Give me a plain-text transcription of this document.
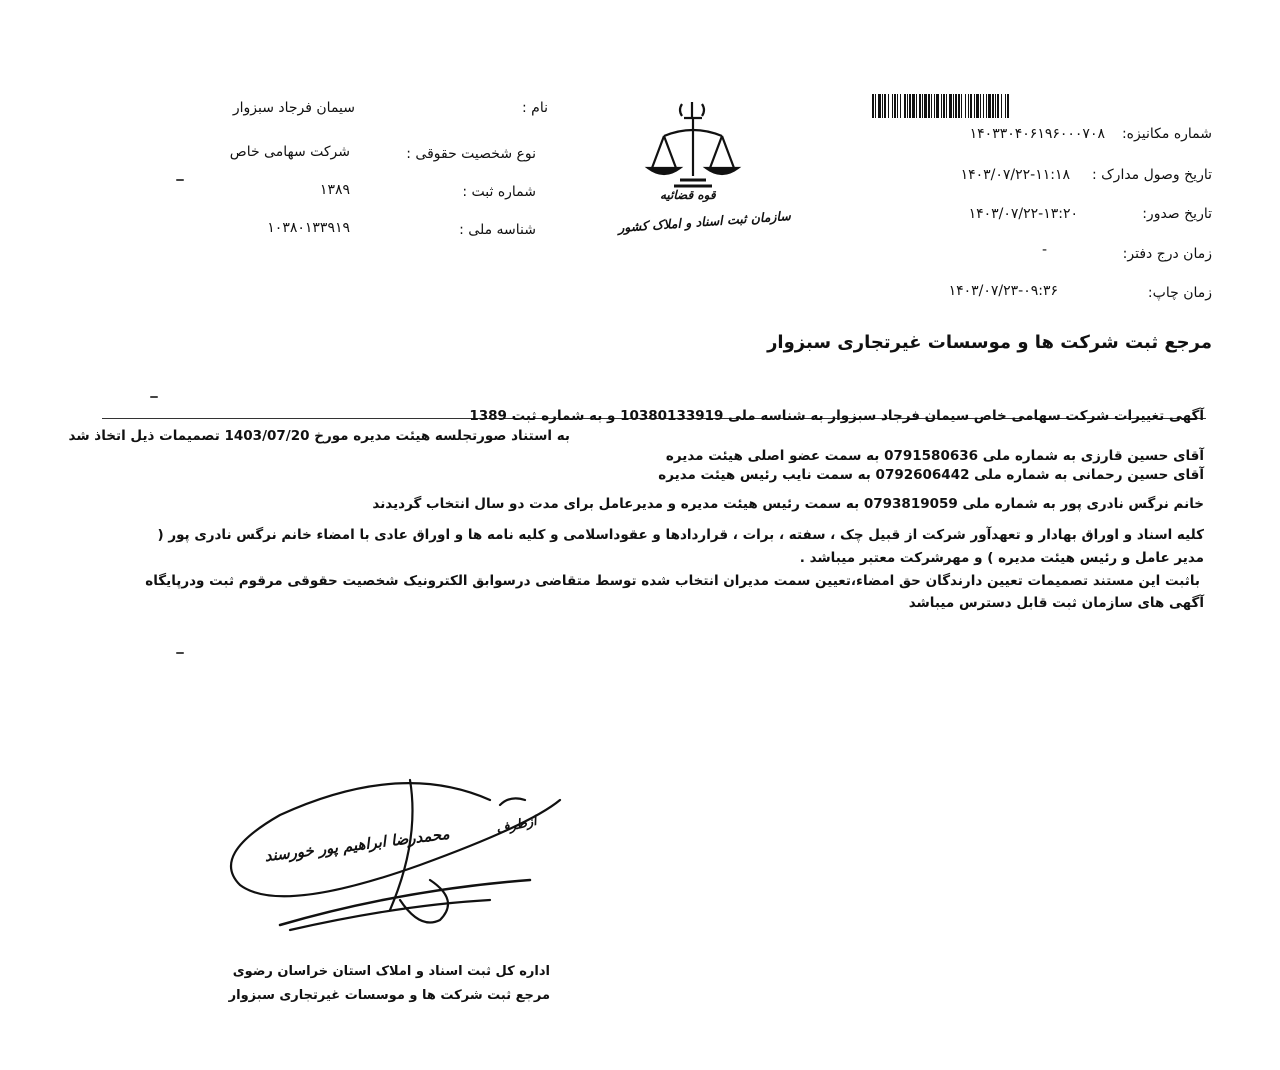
شماره مکانیزه:
۱۴۰۳۳۰۴۰۶۱۹۶۰۰۰۷۰۸
تاریخ وصول مدارک :
۱۴۰۳/۰۷/۲۲-۱۱:۱۸
تاریخ صدور:
۱۴۰۳/۰۷/۲۲-۱۳:۲۰
زمان درج دفتر:
-
زمان چاپ:
۱۴۰۳/۰۷/۲۳-۰۹:۳۶
قوه قضائیه
سازمان ثبت اسناد و املاک کشور
نام :
سیمان فرجاد سبزوار
نوع شخصیت حقوقی :
شرکت سهامی خاص
شماره ثبت :
۱۳۸۹
شناسه ملی :
۱۰۳۸۰۱۳۳۹۱۹
مرجع ثبت شرکت ها و موسسات غیرتجاری سبزوار
آگهی تغییرات شرکت سهامی خاص سیمان فرجاد سبزوار به شناسه ملی 10380133919 و به شماره ثبت 1389
به استناد صورتجلسه هیئت مدیره مورخ 1403/07/20 تصمیمات ذیل اتخاذ شد
آقای حسین قارزی به شماره ملی 0791580636 به سمت عضو اصلی هیئت مدیره
آقای حسین رحمانی به شماره ملی 0792606442 به سمت نایب رئیس هیئت مدیره
خانم نرگس نادری پور به شماره ملی 0793819059 به سمت رئیس هیئت مدیره و مدیرعامل برای مدت دو سال انتخاب گردیدند
کلیه اسناد و اوراق بهادار و تعهدآور شرکت از قبیل چک ، سفته ، برات ، قراردادها و عقوداسلامی و کلیه نامه ها و اوراق عادی با امضاء خانم نرگس نادری پور (
مدیر عامل و رئیس هیئت مدیره ) و مهرشرکت معتبر میباشد .
باثبت این مستند تصمیمات تعیین دارندگان حق امضاء،تعیین سمت مدیران انتخاب شده توسط متقاضی درسوابق الکترونیک شخصیت حقوقی مرقوم ثبت ودرپایگاه
آگهی های سازمان ثبت قابل دسترس میباشد
ازطرف
محمدرضا ابراهیم پور خورسند
اداره کل ثبت اسناد و املاک استان خراسان رضوی
مرجع ثبت شرکت ها و موسسات غیرتجاری سبزوار
